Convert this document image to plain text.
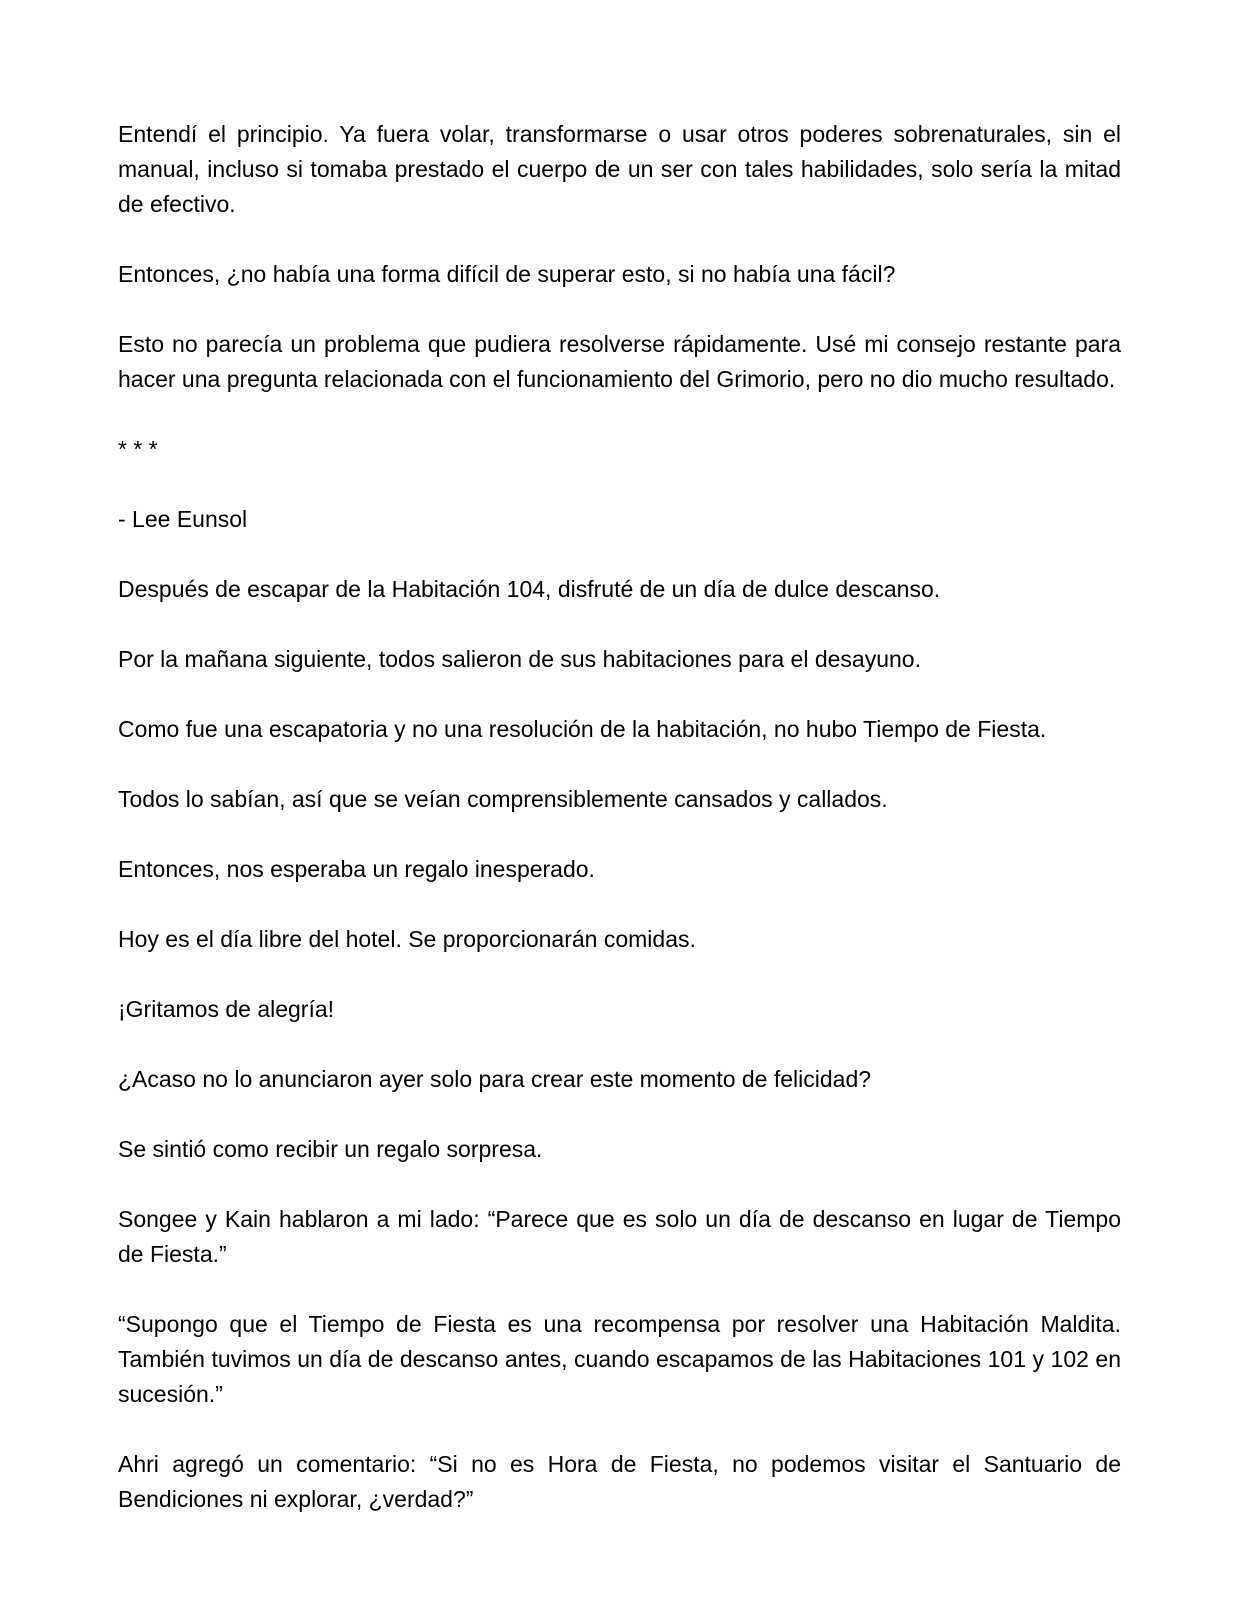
Entendí el principio. Ya fuera volar, transformarse o usar otros poderes sobrenaturales, sin el manual, incluso si tomaba prestado el cuerpo de un ser con tales habilidades, solo sería la mitad de efectivo.

Entonces, ¿no había una forma difícil de superar esto, si no había una fácil?

Esto no parecía un problema que pudiera resolverse rápidamente. Usé mi consejo restante para hacer una pregunta relacionada con el funcionamiento del Grimorio, pero no dio mucho resultado.

* * *

- Lee Eunsol

Después de escapar de la Habitación 104, disfruté de un día de dulce descanso.

Por la mañana siguiente, todos salieron de sus habitaciones para el desayuno.

Como fue una escapatoria y no una resolución de la habitación, no hubo Tiempo de Fiesta.

Todos lo sabían, así que se veían comprensiblemente cansados y callados.

Entonces, nos esperaba un regalo inesperado.

Hoy es el día libre del hotel. Se proporcionarán comidas.

¡Gritamos de alegría!

¿Acaso no lo anunciaron ayer solo para crear este momento de felicidad?

Se sintió como recibir un regalo sorpresa.

Songee y Kain hablaron a mi lado: “Parece que es solo un día de descanso en lugar de Tiempo de Fiesta.”

“Supongo que el Tiempo de Fiesta es una recompensa por resolver una Habitación Maldita. También tuvimos un día de descanso antes, cuando escapamos de las Habitaciones 101 y 102 en sucesión.”

Ahri agregó un comentario: “Si no es Hora de Fiesta, no podemos visitar el Santuario de Bendiciones ni explorar, ¿verdad?”
